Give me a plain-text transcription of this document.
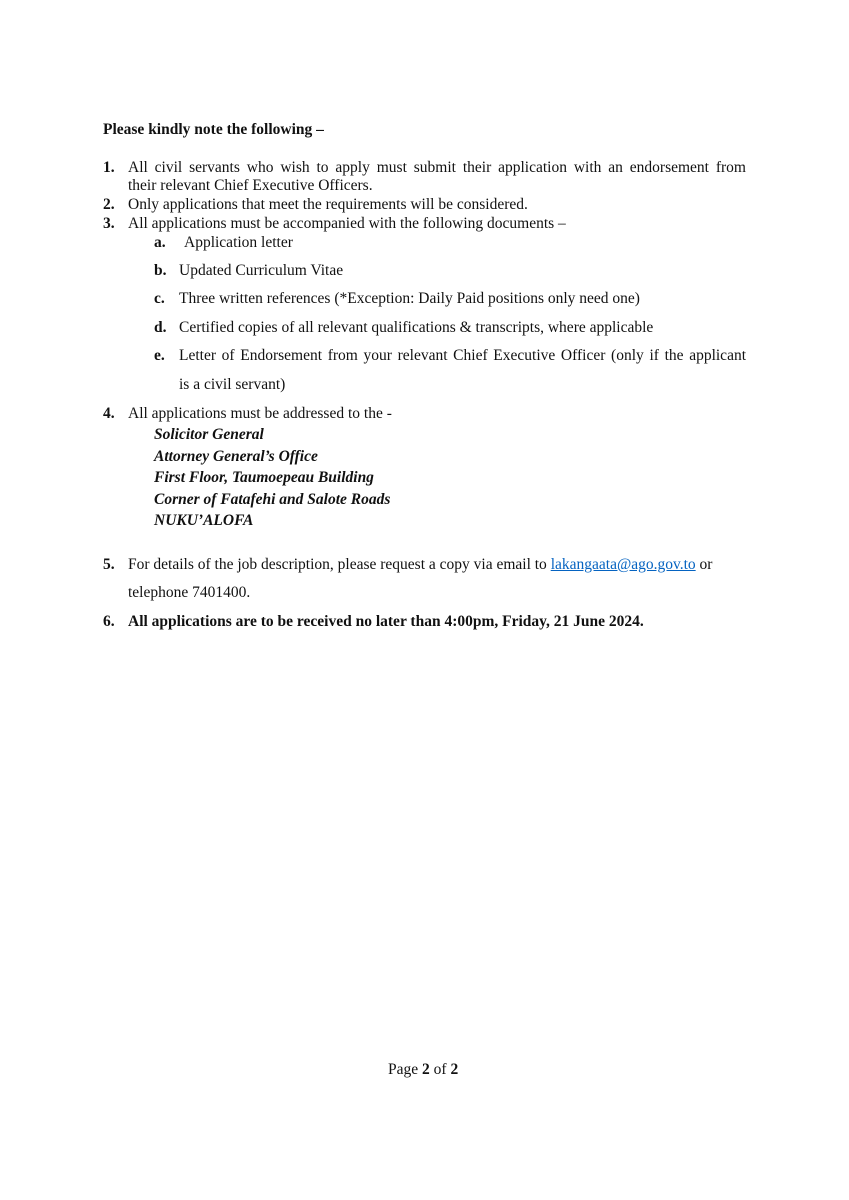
Please kindly note the following –
1. All civil servants who wish to apply must submit their application with an endorsement from
their relevant Chief Executive Officers.
2. Only applications that meet the requirements will be considered.
3. All applications must be accompanied with the following documents –
a. Application letter
b. Updated Curriculum Vitae
c. Three written references (*Exception: Daily Paid positions only need one)
d. Certified copies of all relevant qualifications & transcripts, where applicable
e. Letter of Endorsement from your relevant Chief Executive Officer (only if the applicant
is a civil servant)
4. All applications must be addressed to the -
Solicitor General
Attorney General’s Office
First Floor, Taumoepeau Building
Corner of Fatafehi and Salote Roads
NUKU’ALOFA
5. For details of the job description, please request a copy via email to lakangaata@ago.gov.to or
telephone 7401400.
6. All applications are to be received no later than 4:00pm, Friday, 21 June 2024.
Page 2 of 2
